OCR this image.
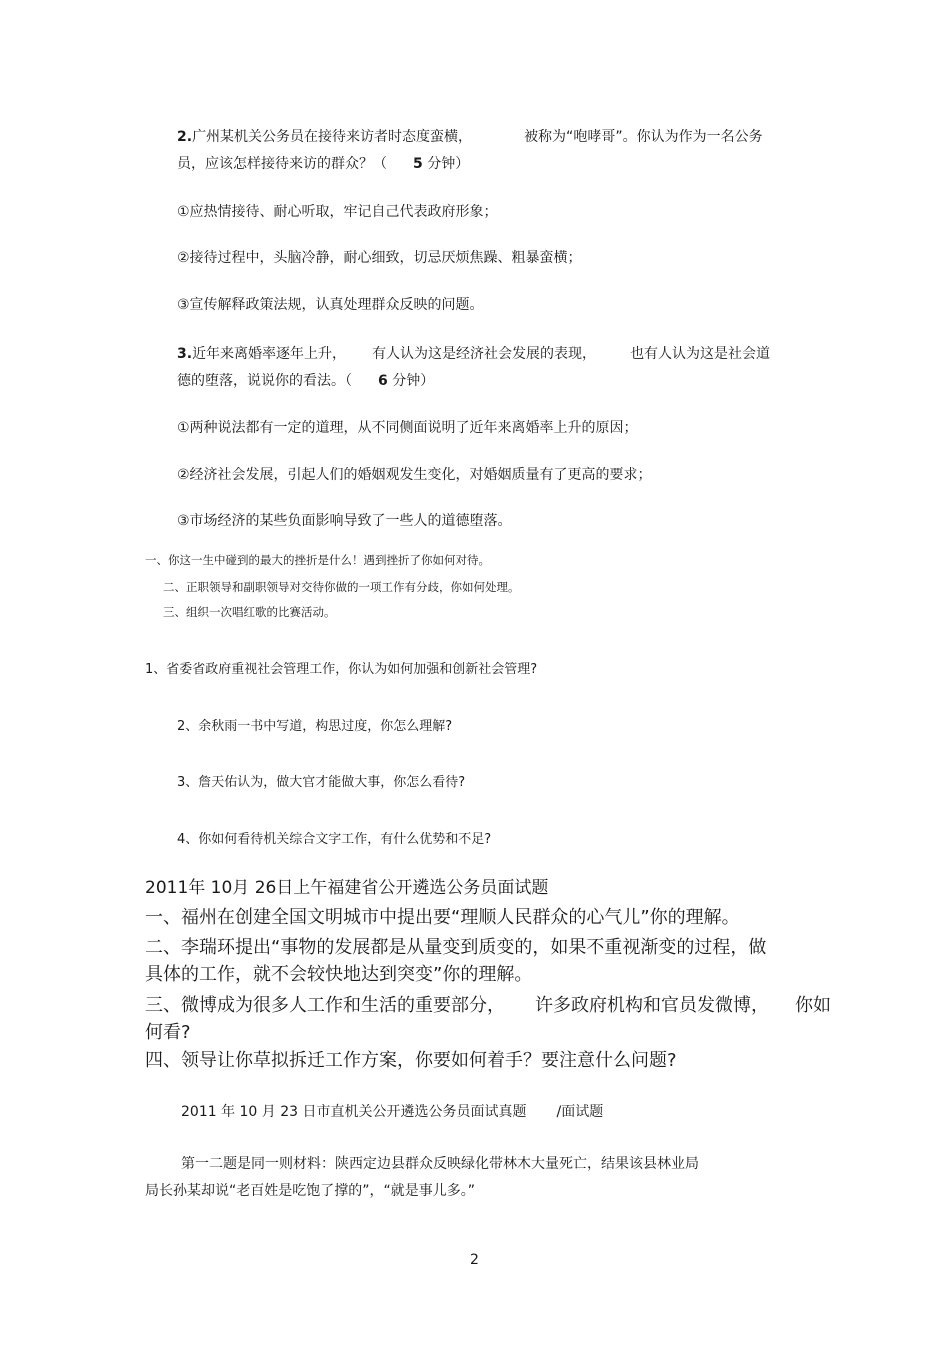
2.广州某机关公务员在接待来访者时态度蛮横，	被称为“咆哮哥”。你认为作为一名公务
员，应该怎样接待来访的群众？（ 5 分钟）
①应热情接待、耐心听取，牢记自己代表政府形象；
②接待过程中，头脑冷静，耐心细致，切忌厌烦焦躁、粗暴蛮横；
③宣传解释政策法规，认真处理群众反映的问题。
3.近年来离婚率逐年上升， 有人认为这是经济社会发展的表现， 也有人认为这是社会道
德的堕落，说说你的看法。（ 6 分钟）
①两种说法都有一定的道理，从不同侧面说明了近年来离婚率上升的原因；
②经济社会发展，引起人们的婚姻观发生变化，对婚姻质量有了更高的要求；
③市场经济的某些负面影响导致了一些人的道德堕落。
一、你这一生中碰到的最大的挫折是什么！遇到挫折了你如何对待。
二、正职领导和副职领导对交待你做的一项工作有分歧，你如何处理。
三、组织一次唱红歌的比赛活动。
1、省委省政府重视社会管理工作，你认为如何加强和创新社会管理?
2、余秋雨一书中写道，构思过度，你怎么理解?
3、詹天佑认为，做大官才能做大事，你怎么看待?
4、你如何看待机关综合文字工作，有什么优势和不足?
2011年 10月 26日上午福建省公开遴选公务员面试题
一、福州在创建全国文明城市中提出要“理顺人民群众的心气儿”你的理解。
二、李瑞环提出“事物的发展都是从量变到质变的，如果不重视渐变的过程，做
具体的工作，就不会较快地达到突变”你的理解。
三、微博成为很多人工作和生活的重要部分， 许多政府机构和官员发微博， 你如
何看?
四、领导让你草拟拆迁工作方案，你要如何着手？要注意什么问题?
2011 年 10 月 23 日市直机关公开遴选公务员面试真题 /面试题
第一二题是同一则材料：陕西定边县群众反映绿化带林木大量死亡，结果该县林业局
局长孙某却说“老百姓是吃饱了撑的”，“就是事儿多。”
2
